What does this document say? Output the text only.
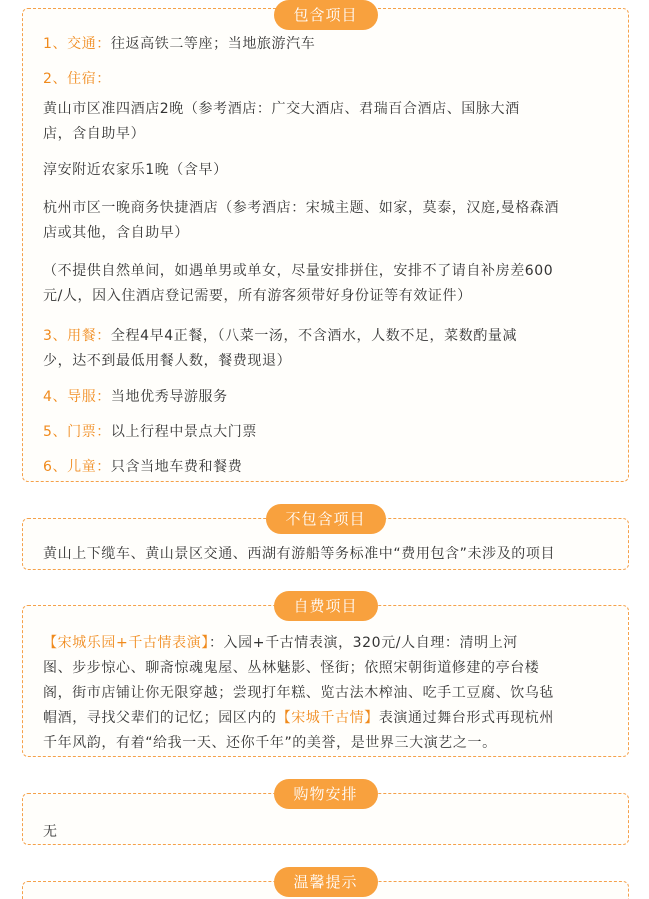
包含项目
1、交通：往返高铁二等座；当地旅游汽车
2、住宿：
黄山市区准四酒店2晚（参考酒店：广交大酒店、君瑞百合酒店、国脉大酒
店，含自助早）
淳安附近农家乐1晚（含早）
杭州市区一晚商务快捷酒店（参考酒店：宋城主题、如家，莫泰，汉庭,曼格森酒
店或其他，含自助早）
（不提供自然单间，如遇单男或单女，尽量安排拼住，安排不了请自补房差600
元/人，因入住酒店登记需要，所有游客须带好身份证等有效证件）
3、用餐：全程4早4正餐，（八菜一汤，不含酒水，人数不足，菜数酌量减
少，达不到最低用餐人数，餐费现退）
4、导服：当地优秀导游服务
5、门票：以上行程中景点大门票
6、儿童：只含当地车费和餐费
不包含项目
黄山上下缆车、黄山景区交通、西湖有游船等务标准中“费用包含”未涉及的项目
自费项目
【宋城乐园+千古情表演】：入园+千古情表演，320元/人自理：清明上河
图、步步惊心、聊斋惊魂鬼屋、丛林魅影、怪街；依照宋朝街道修建的亭台楼
阁，街市店铺让你无限穿越；尝现打年糕、览古法木榨油、吃手工豆腐、饮乌毡
帽酒，寻找父辈们的记忆；园区内的【宋城千古情】表演通过舞台形式再现杭州
千年风韵，有着“给我一天、还你千年”的美誉，是世界三大演艺之一。
购物安排
无
温馨提示
